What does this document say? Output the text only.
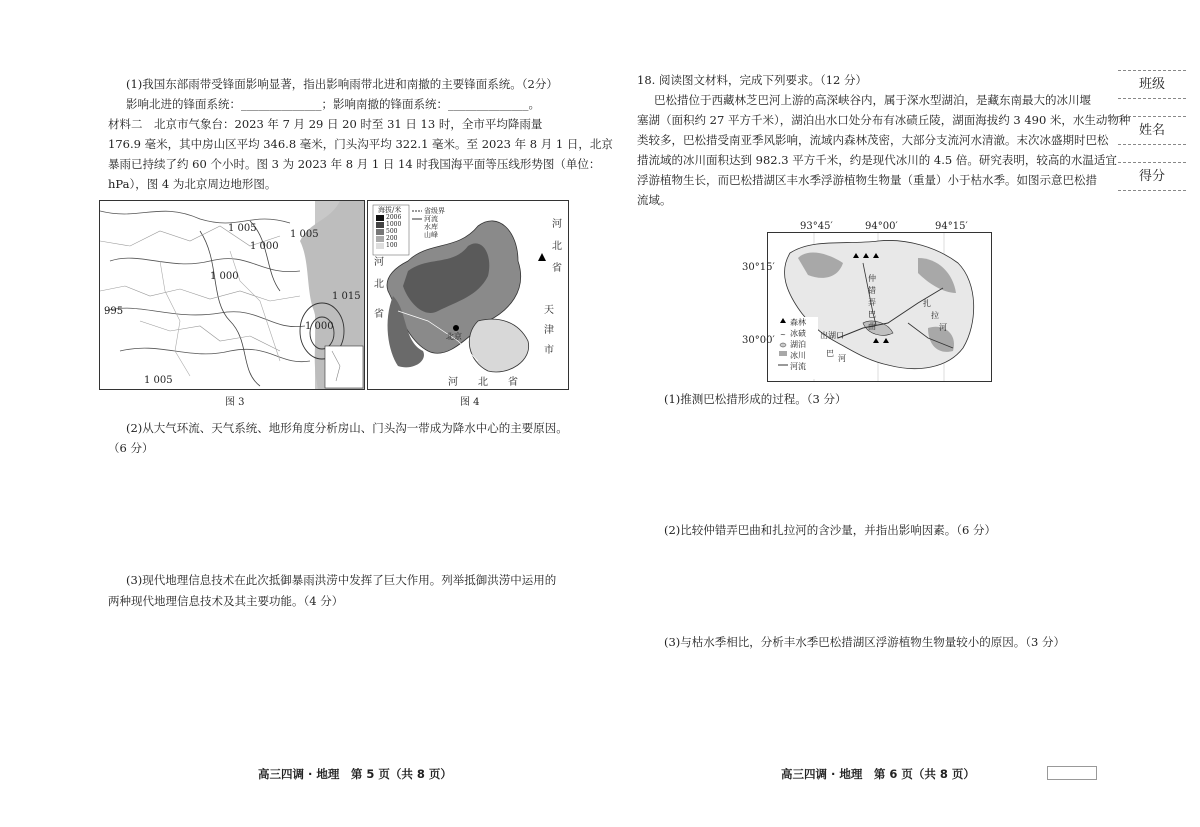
(1)我国东部雨带受锋面影响显著，指出影响雨带北进和南撤的主要锋面系统。（2分）
影响北进的锋面系统：______________；影响南撤的锋面系统：______________。
材料二　北京市气象台：2023 年 7 月 29 日 20 时至 31 日 13 时，全市平均降雨量
176.9 毫米，其中房山区平均 346.8 毫米，门头沟平均 322.1 毫米。至 2023 年 8 月 1 日，北京
暴雨已持续了约 60 个小时。图 3 为 2023 年 8 月 1 日 14 时我国海平面等压线形势图（单位：
hPa），图 4 为北京周边地形图。
1 005
1 000
1 005
1 000
1 015
1 000
995
1 005
图 3
海拔/米
2006
1000
500
200
100
省级界
河流
水库
山峰
河
北
省
河
北
省	天
津
市
河 北 省
北京
图 4
(2)从大气环流、天气系统、地形角度分析房山、门头沟一带成为降水中心的主要原因。
（6 分）
(3)现代地理信息技术在此次抵御暴雨洪涝中发挥了巨大作用。列举抵御洪涝中运用的
两种现代地理信息技术及其主要功能。（4 分）
高三四调 · 地理　第 5 页（共 8 页）
18. 阅读图文材料，完成下列要求。（12 分）
巴松措位于西藏林芝巴河上游的高深峡谷内，属于深水型湖泊，是藏东南最大的冰川堰
塞湖（面积约 27 平方千米），湖泊出水口处分布有冰碛丘陵，湖面海拔约 3 490 米，水生动物种
类较多，巴松措受南亚季风影响，流域内森林茂密，大部分支流河水清澈。末次冰盛期时巴松
措流域的冰川面积达到 982.3 平方千米，约是现代冰川的 4.5 倍。研究表明，较高的水温适宜
浮游植物生长，而巴松措湖区丰水季浮游植物生物量（重量）小于枯水季。如图示意巴松措
流域。
93°45′	94°00′	94°15′
~
森林
冰碛
湖泊
冰川
河流
出湖口
仲
错
弄
巴
曲
扎
拉
河
巴
河
30°15′
30°00′
(1)推测巴松措形成的过程。（3 分）
(2)比较仲错弄巴曲和扎拉河的含沙量，并指出影响因素。（6 分）
(3)与枯水季相比，分析丰水季巴松措湖区浮游植物生物量较小的原因。（3 分）
高三四调 · 地理　第 6 页（共 8 页）
班级
姓名
得分
